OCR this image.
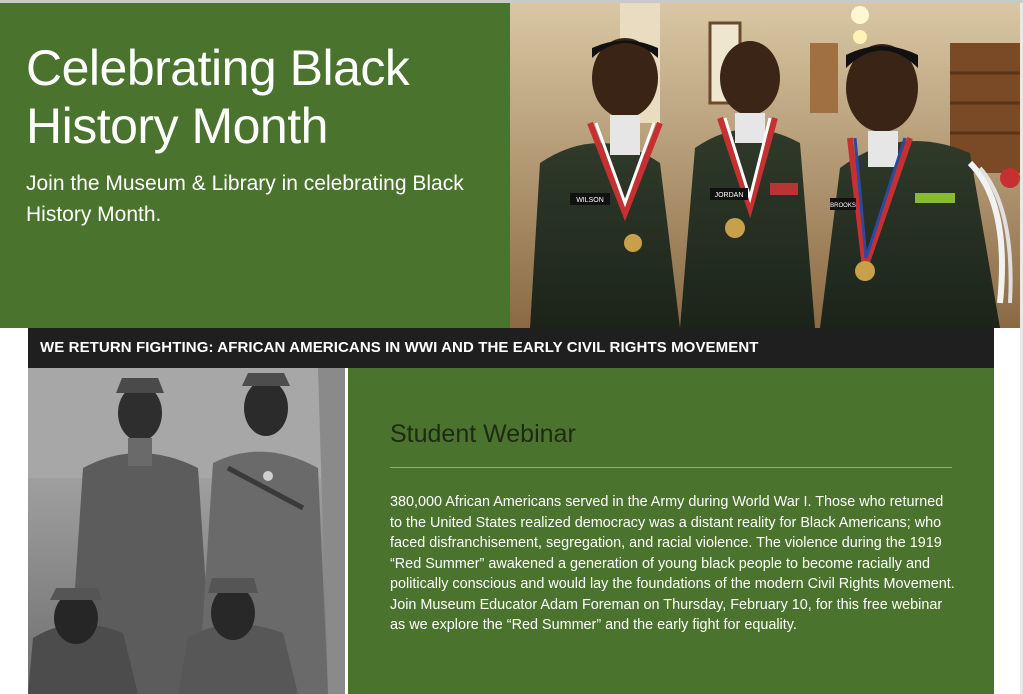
Celebrating Black History Month

Join the Museum & Library in celebrating Black History Month.

WILSON
JORDAN
BROOKS
WE RETURN FIGHTING: AFRICAN AMERICANS IN WWI AND THE EARLY CIVIL RIGHTS MOVEMENT
Student Webinar

380,000 African Americans served in the Army during World War I. Those who returned to the United States realized democracy was a distant reality for Black Americans; who faced disfranchisement, segregation, and racial violence. The violence during the 1919 “Red Summer” awakened a generation of young black people to become racially and politically conscious and would lay the foundations of the modern Civil Rights Movement. Join Museum Educator Adam Foreman on Thursday, February 10, for this free webinar as we explore the “Red Summer” and the early fight for equality.
